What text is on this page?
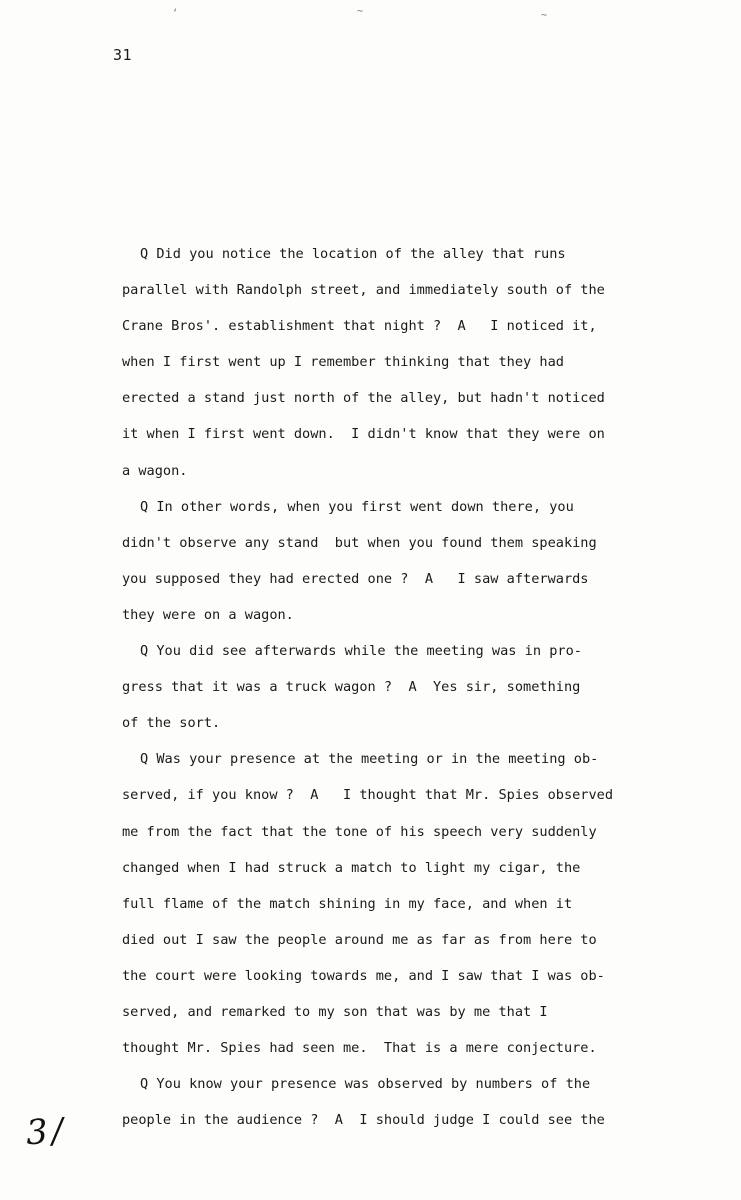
‘	∼	∼
31
Q Did you notice the location of the alley that runs
parallel with Randolph street, and immediately south of the
Crane Bros'. establishment that night ?  A   I noticed it,
when I first went up I remember thinking that they had
erected a stand just north of the alley, but hadn't noticed
it when I first went down.  I didn't know that they were on
a wagon.
Q In other words, when you first went down there, you
didn't observe any stand  but when you found them speaking
you supposed they had erected one ?  A   I saw afterwards
they were on a wagon.
Q You did see afterwards while the meeting was in pro-
gress that it was a truck wagon ?  A  Yes sir, something
of the sort.
Q Was your presence at the meeting or in the meeting ob-
served, if you know ?  A   I thought that Mr. Spies observed
me from the fact that the tone of his speech very suddenly
changed when I had struck a match to light my cigar, the
full flame of the match shining in my face, and when it
died out I saw the people around me as far as from here to
the court were looking towards me, and I saw that I was ob-
served, and remarked to my son that was by me that I
thought Mr. Spies had seen me.  That is a mere conjecture.
Q You know your presence was observed by numbers of the
people in the audience ?  A  I should judge I could see the
3/
